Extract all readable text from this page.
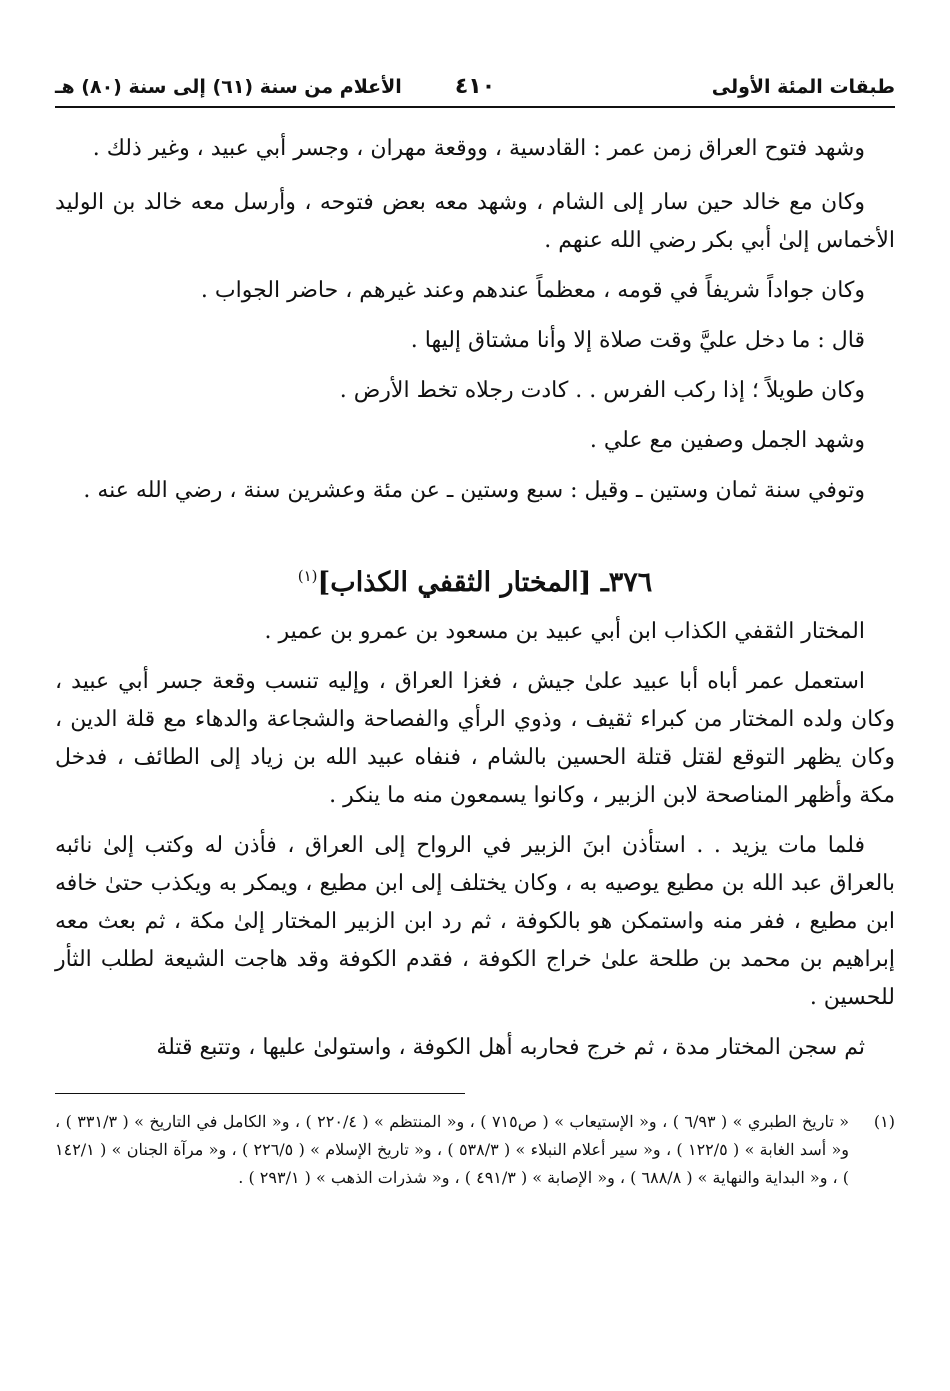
طبقات المئة الأولى
٤١٠
الأعلام من سنة (٦١) إلى سنة (٨٠) هـ

وشهد فتوح العراق زمن عمر : القادسية ، ووقعة مهران ، وجسر أبي عبيد ، وغير ذلك .

وكان مع خالد حين سار إلى الشام ، وشهد معه بعض فتوحه ، وأرسل معه خالد بن الوليد الأخماس إلىٰ أبي بكر رضي الله عنهم .

وكان جواداً شريفاً في قومه ، معظماً عندهم وعند غيرهم ، حاضر الجواب .

قال : ما دخل عليَّ وقت صلاة إلا وأنا مشتاق إليها .

وكان طويلاً ؛ إذا ركب الفرس . . كادت رجلاه تخط الأرض .

وشهد الجمل وصفين مع علي .

وتوفي سنة ثمان وستين ـ وقيل : سبع وستين ـ عن مئة وعشرين سنة ، رضي الله عنه .

٣٧٦ـ [المختار الثقفي الكذاب]$^{(١)}$

المختار الثقفي الكذاب ابن أبي عبيد بن مسعود بن عمرو بن عمير .

استعمل عمر أباه أبا عبيد علىٰ جيش ، فغزا العراق ، وإليه تنسب وقعة جسر أبي عبيد ، وكان ولده المختار من كبراء ثقيف ، وذوي الرأي والفصاحة والشجاعة والدهاء مع قلة الدين ، وكان يظهر التوقع لقتل قتلة الحسين بالشام ، فنفاه عبيد الله بن زياد إلى الطائف ، فدخل مكة وأظهر المناصحة لابن الزبير ، وكانوا يسمعون منه ما ينكر .

فلما مات يزيد . . استأذن ابنَ الزبير في الرواح إلى العراق ، فأذن له وكتب إلىٰ نائبه بالعراق عبد الله بن مطيع يوصيه به ، وكان يختلف إلى ابن مطيع ، ويمكر به ويكذب حتىٰ خافه ابن مطيع ، ففر منه واستمكن هو بالكوفة ، ثم رد ابن الزبير المختار إلىٰ مكة ، ثم بعث معه إبراهيم بن محمد بن طلحة علىٰ خراج الكوفة ، فقدم الكوفة وقد هاجت الشيعة لطلب الثأر للحسين .

ثم سجن المختار مدة ، ثم خرج فحاربه أهل الكوفة ، واستولىٰ عليها ، وتتبع قتلة

(١)
« تاريخ الطبري » ( ٦/٩٣ ) ، و« الإستيعاب » ( ص٧١٥ ) ، و« المنتظم » ( ٢٢٠/٤ ) ، و« الكامل في التاريخ » ( ٣٣١/٣ ) ، و« أسد الغابة » ( ١٢٢/٥ ) ، و« سير أعلام النبلاء » ( ٥٣٨/٣ ) ، و« تاريخ الإسلام » ( ٢٢٦/٥ ) ، و« مرآة الجنان » ( ١٤٢/١ ) ، و« البداية والنهاية » ( ٦٨٨/٨ ) ، و« الإصابة » ( ٤٩١/٣ ) ، و« شذرات الذهب » ( ٢٩٣/١ ) .
